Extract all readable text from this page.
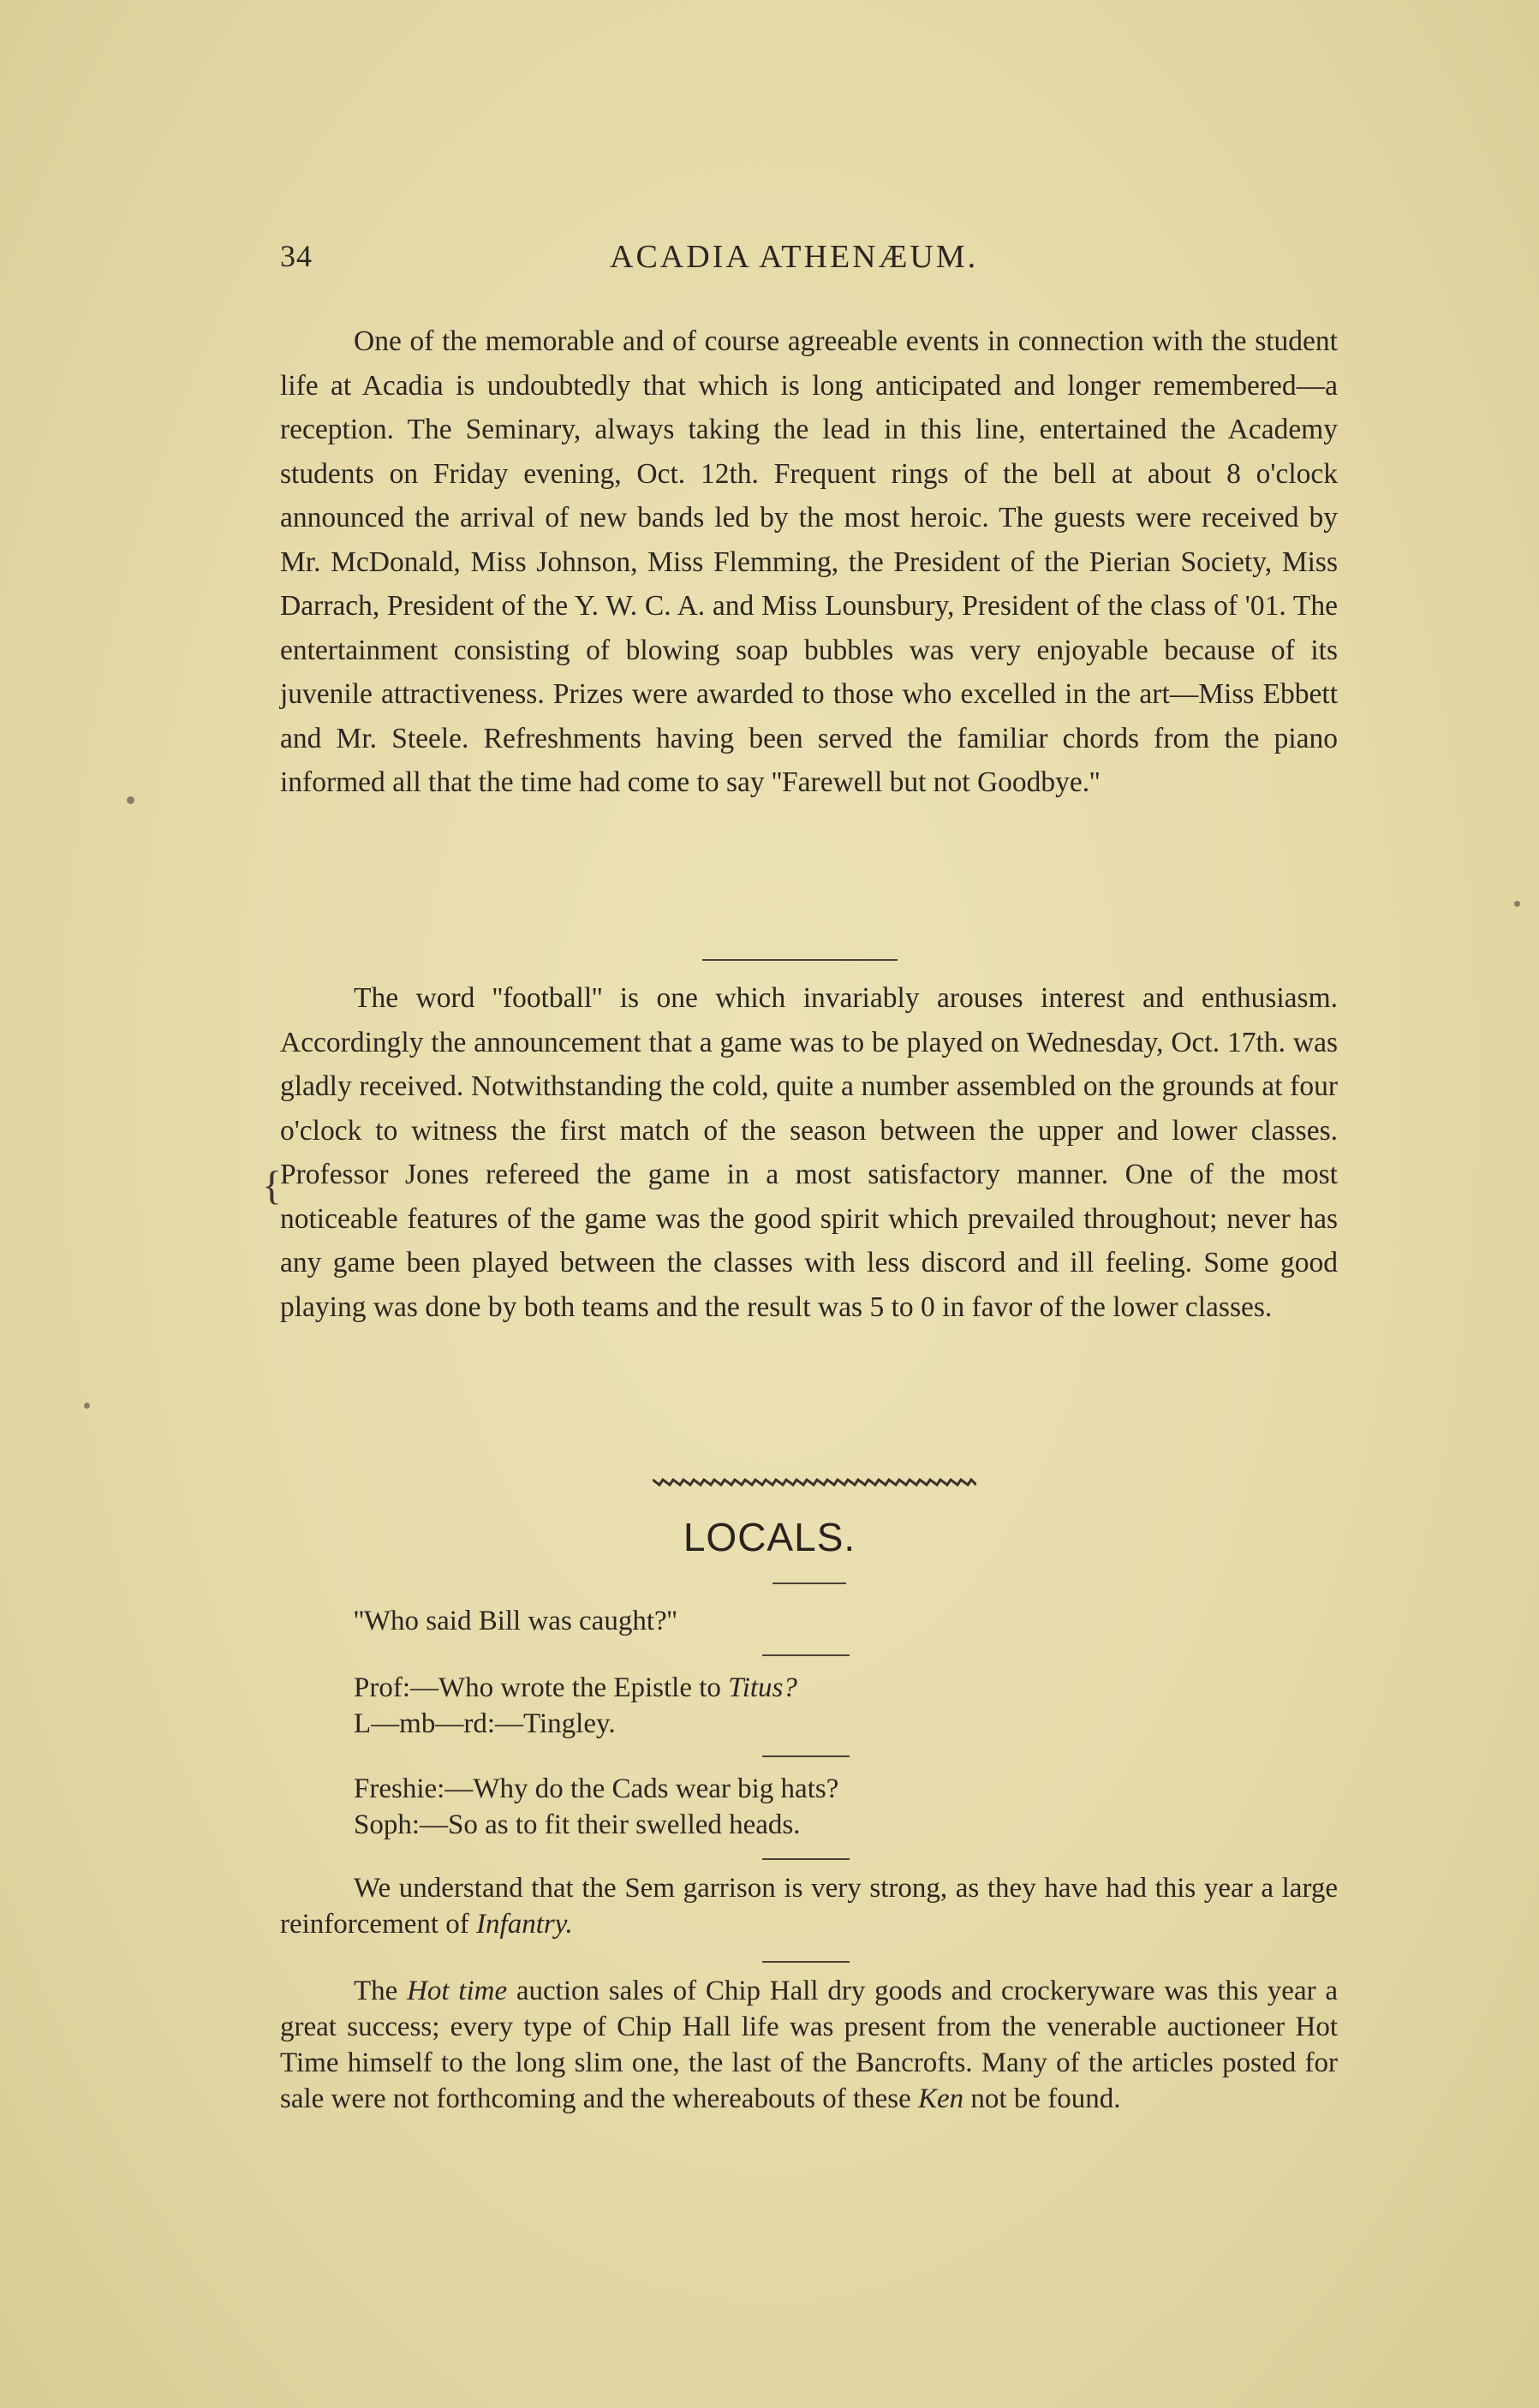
34	ACADIA ATHENÆUM.

One of the memorable and of course agreeable events in connection with the student life at Acadia is undoubtedly that which is long anticipated and longer remembered—a reception. The Seminary, always taking the lead in this line, entertained the Academy students on Friday evening, Oct. 12th. Frequent rings of the bell at about 8 o'clock announced the arrival of new bands led by the most heroic. The guests were received by Mr. McDonald, Miss Johnson, Miss Flemming, the President of the Pierian Society, Miss Darrach, President of the Y. W. C. A. and Miss Lounsbury, President of the class of '01. The entertainment consisting of blowing soap bubbles was very enjoyable because of its juvenile attractiveness. Prizes were awarded to those who excelled in the art—Miss Ebbett and Mr. Steele. Refreshments having been served the familiar chords from the piano informed all that the time had come to say ''Farewell but not Goodbye.''

{

The word ''football'' is one which invariably arouses interest and enthusiasm. Accordingly the announcement that a game was to be played on Wednesday, Oct. 17th. was gladly received. Notwithstanding the cold, quite a number assembled on the grounds at four o'clock to witness the first match of the season between the upper and lower classes. Professor Jones refereed the game in a most satisfactory manner. One of the most noticeable features of the game was the good spirit which prevailed throughout; never has any game been played between the classes with less discord and ill feeling. Some good playing was done by both teams and the result was 5 to 0 in favor of the lower classes.

LOCALS.
''Who said Bill was caught?''
Prof:—Who wrote the Epistle to Titus?
L—mb—rd:—Tingley.
Freshie:—Why do the Cads wear big hats?
Soph:—So as to fit their swelled heads.

We understand that the Sem garrison is very strong, as they have had this year a large reinforcement of Infantry.

The Hot time auction sales of Chip Hall dry goods and crockeryware was this year a great success; every type of Chip Hall life was present from the venerable auctioneer Hot Time himself to the long slim one, the last of the Bancrofts. Many of the articles posted for sale were not forthcoming and the whereabouts of these Ken not be found.
